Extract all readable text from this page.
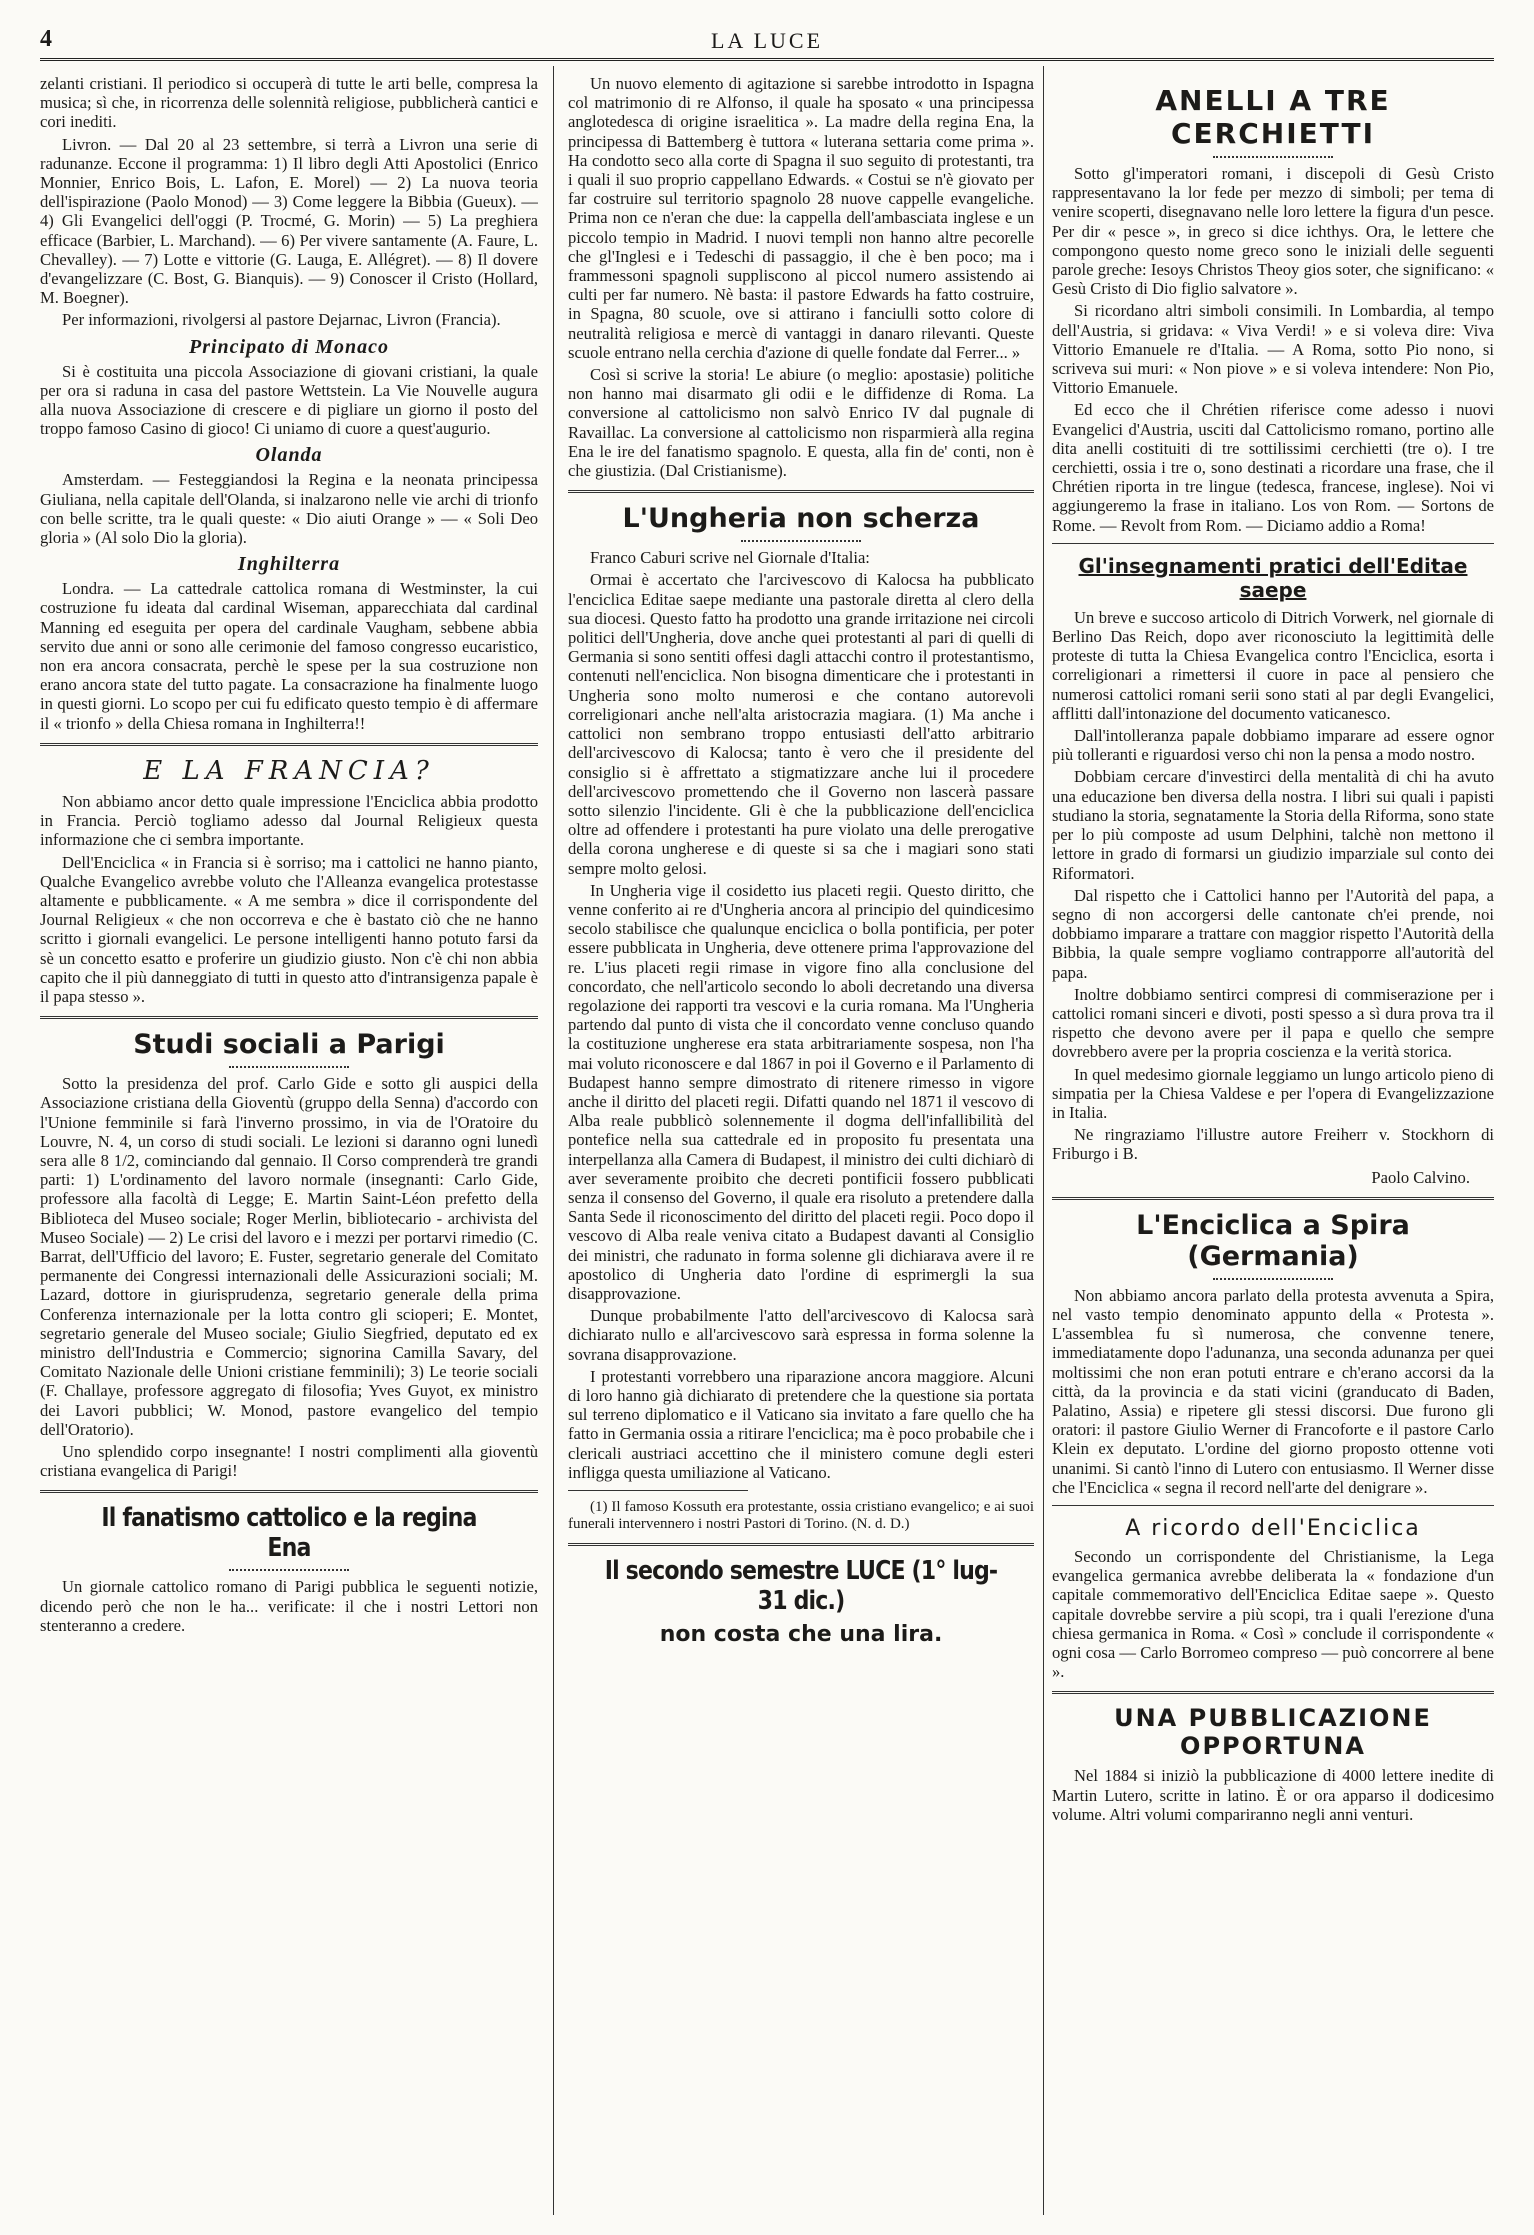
4	LA LUCE

zelanti cristiani. Il periodico si occuperà di tutte le arti belle, compresa la musica; sì che, in ricorrenza delle solennità religiose, pubblicherà cantici e cori inediti.

Livron. — Dal 20 al 23 settembre, si terrà a Livron una serie di radunanze. Eccone il programma: 1) Il libro degli Atti Apostolici (Enrico Monnier, Enrico Bois, L. Lafon, E. Morel) — 2) La nuova teoria dell'ispirazione (Paolo Monod) — 3) Come leggere la Bibbia (Gueux). — 4) Gli Evangelici dell'oggi (P. Trocmé, G. Morin) — 5) La preghiera efficace (Barbier, L. Marchand). — 6) Per vivere santamente (A. Faure, L. Chevalley). — 7) Lotte e vittorie (G. Lauga, E. Allégret). — 8) Il dovere d'evangelizzare (C. Bost, G. Bianquis). — 9) Conoscer il Cristo (Hollard, M. Boegner).

Per informazioni, rivolgersi al pastore Dejarnac, Livron (Francia).

Principato di Monaco

Si è costituita una piccola Associazione di giovani cristiani, la quale per ora si raduna in casa del pastore Wettstein. La Vie Nouvelle augura alla nuova Associazione di crescere e di pigliare un giorno il posto del troppo famoso Casino di gioco! Ci uniamo di cuore a quest'augurio.

Olanda

Amsterdam. — Festeggiandosi la Regina e la neonata principessa Giuliana, nella capitale dell'Olanda, si inalzarono nelle vie archi di trionfo con belle scritte, tra le quali queste: « Dio aiuti Orange » — « Soli Deo gloria » (Al solo Dio la gloria).

Inghilterra

Londra. — La cattedrale cattolica romana di Westminster, la cui costruzione fu ideata dal cardinal Wiseman, apparecchiata dal cardinal Manning ed eseguita per opera del cardinale Vaugham, sebbene abbia servito due anni or sono alle cerimonie del famoso congresso eucaristico, non era ancora consacrata, perchè le spese per la sua costruzione non erano ancora state del tutto pagate. La consacrazione ha finalmente luogo in questi giorni. Lo scopo per cui fu edificato questo tempio è di affermare il « trionfo » della Chiesa romana in Inghilterra!!

E LA FRANCIA?

Non abbiamo ancor detto quale impressione l'Enciclica abbia prodotto in Francia. Perciò togliamo adesso dal Journal Religieux questa informazione che ci sembra importante.

Dell'Enciclica « in Francia si è sorriso; ma i cattolici ne hanno pianto, Qualche Evangelico avrebbe voluto che l'Alleanza evangelica protestasse altamente e pubblicamente. « A me sembra » dice il corrispondente del Journal Religieux « che non occorreva e che è bastato ciò che ne hanno scritto i giornali evangelici. Le persone intelligenti hanno potuto farsi da sè un concetto esatto e proferire un giudizio giusto. Non c'è chi non abbia capito che il più danneggiato di tutti in questo atto d'intransigenza papale è il papa stesso ».

Studi sociali a Parigi

Sotto la presidenza del prof. Carlo Gide e sotto gli auspici della Associazione cristiana della Gioventù (gruppo della Senna) d'accordo con l'Unione femminile si farà l'inverno prossimo, in via de l'Oratoire du Louvre, N. 4, un corso di studi sociali. Le lezioni si daranno ogni lunedì sera alle 8 1/2, cominciando dal gennaio. Il Corso comprenderà tre grandi parti: 1) L'ordinamento del lavoro normale (insegnanti: Carlo Gide, professore alla facoltà di Legge; E. Martin Saint-Léon prefetto della Biblioteca del Museo sociale; Roger Merlin, bibliotecario - archivista del Museo Sociale) — 2) Le crisi del lavoro e i mezzi per portarvi rimedio (C. Barrat, dell'Ufficio del lavoro; E. Fuster, segretario generale del Comitato permanente dei Congressi internazionali delle Assicurazioni sociali; M. Lazard, dottore in giurisprudenza, segretario generale della prima Conferenza internazionale per la lotta contro gli scioperi; E. Montet, segretario generale del Museo sociale; Giulio Siegfried, deputato ed ex ministro dell'Industria e Commercio; signorina Camilla Savary, del Comitato Nazionale delle Unioni cristiane femminili); 3) Le teorie sociali (F. Challaye, professore aggregato di filosofia; Yves Guyot, ex ministro dei Lavori pubblici; W. Monod, pastore evangelico del tempio dell'Oratorio).

Uno splendido corpo insegnante! I nostri complimenti alla gioventù cristiana evangelica di Parigi!

Il fanatismo cattolico e la regina Ena

Un giornale cattolico romano di Parigi pubblica le seguenti notizie, dicendo però che non le ha... verificate: il che i nostri Lettori non stenteranno a credere.

Un nuovo elemento di agitazione si sarebbe introdotto in Ispagna col matrimonio di re Alfonso, il quale ha sposato « una principessa anglotedesca di origine israelitica ». La madre della regina Ena, la principessa di Battemberg è tuttora « luterana settaria come prima ». Ha condotto seco alla corte di Spagna il suo seguito di protestanti, tra i quali il suo proprio cappellano Edwards. « Costui se n'è giovato per far costruire sul territorio spagnolo 28 nuove cappelle evangeliche. Prima non ce n'eran che due: la cappella dell'ambasciata inglese e un piccolo tempio in Madrid. I nuovi templi non hanno altre pecorelle che gl'Inglesi e i Tedeschi di passaggio, il che è ben poco; ma i frammessoni spagnoli suppliscono al piccol numero assistendo ai culti per far numero. Nè basta: il pastore Edwards ha fatto costruire, in Spagna, 80 scuole, ove si attirano i fanciulli sotto colore di neutralità religiosa e mercè di vantaggi in danaro rilevanti. Queste scuole entrano nella cerchia d'azione di quelle fondate dal Ferrer... »

Così si scrive la storia! Le abiure (o meglio: apostasie) politiche non hanno mai disarmato gli odii e le diffidenze di Roma. La conversione al cattolicismo non salvò Enrico IV dal pugnale di Ravaillac. La conversione al cattolicismo non risparmierà alla regina Ena le ire del fanatismo spagnolo. E questa, alla fin de' conti, non è che giustizia. (Dal Cristianisme).

L'Ungheria non scherza

Franco Caburi scrive nel Giornale d'Italia:

Ormai è accertato che l'arcivescovo di Kalocsa ha pubblicato l'enciclica Editae saepe mediante una pastorale diretta al clero della sua diocesi. Questo fatto ha prodotto una grande irritazione nei circoli politici dell'Ungheria, dove anche quei protestanti al pari di quelli di Germania si sono sentiti offesi dagli attacchi contro il protestantismo, contenuti nell'enciclica. Non bisogna dimenticare che i protestanti in Ungheria sono molto numerosi e che contano autorevoli correligionari anche nell'alta aristocrazia magiara. (1) Ma anche i cattolici non sembrano troppo entusiasti dell'atto arbitrario dell'arcivescovo di Kalocsa; tanto è vero che il presidente del consiglio si è affrettato a stigmatizzare anche lui il procedere dell'arcivescovo promettendo che il Governo non lascerà passare sotto silenzio l'incidente. Gli è che la pubblicazione dell'enciclica oltre ad offendere i protestanti ha pure violato una delle prerogative della corona ungherese e di queste si sa che i magiari sono stati sempre molto gelosi.

In Ungheria vige il cosidetto ius placeti regii. Questo diritto, che venne conferito ai re d'Ungheria ancora al principio del quindicesimo secolo stabilisce che qualunque enciclica o bolla pontificia, per poter essere pubblicata in Ungheria, deve ottenere prima l'approvazione del re. L'ius placeti regii rimase in vigore fino alla conclusione del concordato, che nell'articolo secondo lo aboli decretando una diversa regolazione dei rapporti tra vescovi e la curia romana. Ma l'Ungheria partendo dal punto di vista che il concordato venne concluso quando la costituzione ungherese era stata arbitrariamente sospesa, non l'ha mai voluto riconoscere e dal 1867 in poi il Governo e il Parlamento di Budapest hanno sempre dimostrato di ritenere rimesso in vigore anche il diritto del placeti regii. Difatti quando nel 1871 il vescovo di Alba reale pubblicò solennemente il dogma dell'infallibilità del pontefice nella sua cattedrale ed in proposito fu presentata una interpellanza alla Camera di Budapest, il ministro dei culti dichiarò di aver severamente proibito che decreti pontificii fossero pubblicati senza il consenso del Governo, il quale era risoluto a pretendere dalla Santa Sede il riconoscimento del diritto del placeti regii. Poco dopo il vescovo di Alba reale veniva citato a Budapest davanti al Consiglio dei ministri, che radunato in forma solenne gli dichiarava avere il re apostolico di Ungheria dato l'ordine di esprimergli la sua disapprovazione.

Dunque probabilmente l'atto dell'arcivescovo di Kalocsa sarà dichiarato nullo e all'arcivescovo sarà espressa in forma solenne la sovrana disapprovazione.

I protestanti vorrebbero una riparazione ancora maggiore. Alcuni di loro hanno già dichiarato di pretendere che la questione sia portata sul terreno diplomatico e il Vaticano sia invitato a fare quello che ha fatto in Germania ossia a ritirare l'enciclica; ma è poco probabile che i clericali austriaci accettino che il ministero comune degli esteri infligga questa umiliazione al Vaticano.

(1) Il famoso Kossuth era protestante, ossia cristiano evangelico; e ai suoi funerali intervennero i nostri Pastori di Torino. (N. d. D.)

Il secondo semestre LUCE (1° lug-31 dic.)
non costa che una lira.
ANELLI A TRE CERCHIETTI

Sotto gl'imperatori romani, i discepoli di Gesù Cristo rappresentavano la lor fede per mezzo di simboli; per tema di venire scoperti, disegnavano nelle loro lettere la figura d'un pesce. Per dir « pesce », in greco si dice ichthys. Ora, le lettere che compongono questo nome greco sono le iniziali delle seguenti parole greche: Iesoys Christos Theoy gios soter, che significano: « Gesù Cristo di Dio figlio salvatore ».

Si ricordano altri simboli consimili. In Lombardia, al tempo dell'Austria, si gridava: « Viva Verdi! » e si voleva dire: Viva Vittorio Emanuele re d'Italia. — A Roma, sotto Pio nono, si scriveva sui muri: « Non piove » e si voleva intendere: Non Pio, Vittorio Emanuele.

Ed ecco che il Chrétien riferisce come adesso i nuovi Evangelici d'Austria, usciti dal Cattolicismo romano, portino alle dita anelli costituiti di tre sottilissimi cerchietti (tre o). I tre cerchietti, ossia i tre o, sono destinati a ricordare una frase, che il Chrétien riporta in tre lingue (tedesca, francese, inglese). Noi vi aggiungeremo la frase in italiano. Los von Rom. — Sortons de Rome. — Revolt from Rom. — Diciamo addio a Roma!

Gl'insegnamenti pratici dell'Editae saepe

Un breve e succoso articolo di Ditrich Vorwerk, nel giornale di Berlino Das Reich, dopo aver riconosciuto la legittimità delle proteste di tutta la Chiesa Evangelica contro l'Enciclica, esorta i correligionari a rimettersi il cuore in pace al pensiero che numerosi cattolici romani serii sono stati al par degli Evangelici, afflitti dall'intonazione del documento vaticanesco.

Dall'intolleranza papale dobbiamo imparare ad essere ognor più tolleranti e riguardosi verso chi non la pensa a modo nostro.

Dobbiam cercare d'investirci della mentalità di chi ha avuto una educazione ben diversa della nostra. I libri sui quali i papisti studiano la storia, segnatamente la Storia della Riforma, sono state per lo più composte ad usum Delphini, talchè non mettono il lettore in grado di formarsi un giudizio imparziale sul conto dei Riformatori.

Dal rispetto che i Cattolici hanno per l'Autorità del papa, a segno di non accorgersi delle cantonate ch'ei prende, noi dobbiamo imparare a trattare con maggior rispetto l'Autorità della Bibbia, la quale sempre vogliamo contrapporre all'autorità del papa.

Inoltre dobbiamo sentirci compresi di commiserazione per i cattolici romani sinceri e divoti, posti spesso a sì dura prova tra il rispetto che devono avere per il papa e quello che sempre dovrebbero avere per la propria coscienza e la verità storica.

In quel medesimo giornale leggiamo un lungo articolo pieno di simpatia per la Chiesa Valdese e per l'opera di Evangelizzazione in Italia.

Ne ringraziamo l'illustre autore Freiherr v. Stockhorn di Friburgo i B.

Paolo Calvino.

L'Enciclica a Spira (Germania)

Non abbiamo ancora parlato della protesta avvenuta a Spira, nel vasto tempio denominato appunto della « Protesta ». L'assemblea fu sì numerosa, che convenne tenere, immediatamente dopo l'adunanza, una seconda adunanza per quei moltissimi che non eran potuti entrare e ch'erano accorsi da la città, da la provincia e da stati vicini (granducato di Baden, Palatino, Assia) e ripetere gli stessi discorsi. Due furono gli oratori: il pastore Giulio Werner di Francoforte e il pastore Carlo Klein ex deputato. L'ordine del giorno proposto ottenne voti unanimi. Si cantò l'inno di Lutero con entusiasmo. Il Werner disse che l'Enciclica « segna il record nell'arte del denigrare ».

A ricordo dell'Enciclica

Secondo un corrispondente del Christianisme, la Lega evangelica germanica avrebbe deliberata la « fondazione d'un capitale commemorativo dell'Enciclica Editae saepe ». Questo capitale dovrebbe servire a più scopi, tra i quali l'erezione d'una chiesa germanica in Roma. « Così » conclude il corrispondente « ogni cosa — Carlo Borromeo compreso — può concorrere al bene ».

UNA PUBBLICAZIONE OPPORTUNA

Nel 1884 si iniziò la pubblicazione di 4000 lettere inedite di Martin Lutero, scritte in latino. È or ora apparso il dodicesimo volume. Altri volumi compariranno negli anni venturi.
